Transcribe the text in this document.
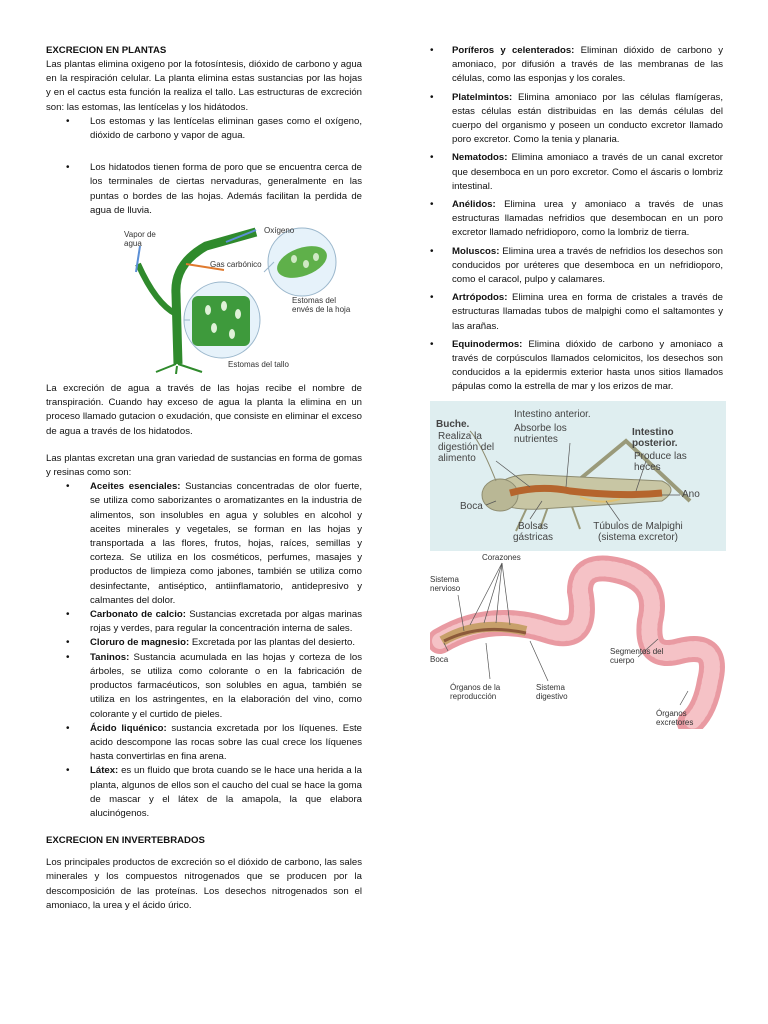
EXCRECION EN PLANTAS

Las plantas elimina oxigeno por la fotosíntesis, dióxido de carbono y agua en la respiración celular. La planta elimina estas sustancias por las hojas y en el cactus esta función la realiza el tallo. Las estructuras de excreción son: las estomas, las lentícelas y los hidátodos.

• Los estomas y las lentícelas eliminan gases como el oxígeno, dióxido de carbono y vapor de agua.
• Los hidatodos tienen forma de poro que se encuentra cerca de los terminales de ciertas nervaduras, generalmente en las puntas o bordes de las hojas. Además facilitan la perdida de agua de lluvia.
Vapor de agua
Oxígeno
Gas carbónico
Estomas del envés de la hoja
Estomas del tallo

La excreción de agua a través de las hojas recibe el nombre de transpiración. Cuando hay exceso de agua la planta la elimina en un proceso llamado gutacion o exudación, que consiste en eliminar el exceso de agua a través de los hidatodos.

Las plantas excretan una gran variedad de sustancias en forma de gomas y resinas como son:

• Aceites esenciales: Sustancias concentradas de olor fuerte, se utiliza como saborizantes o aromatizantes en la industria de alimentos, son insolubles en agua y solubles en alcohol y aceites minerales y vegetales, se forman en las hojas y transportada a las flores, frutos, hojas, raíces, semillas y corteza. Se utiliza en los cosméticos, perfumes, masajes y productos de limpieza como jabones, también se utiliza como desinfectante, antiséptico, antiinflamatorio, antidepresivo y calmantes del dolor.
• Carbonato de calcio: Sustancias excretada por algas marinas rojas y verdes, para regular la concentración interna de sales.
• Cloruro de magnesio: Excretada por las plantas del desierto.
• Taninos: Sustancia acumulada en las hojas y corteza de los árboles, se utiliza como colorante o en la fabricación de productos farmacéuticos, son solubles en agua, también se utiliza en los astringentes, en la elaboración del vino, como colorante y el curtido de pieles.
• Ácido liquénico: sustancia excretada por los líquenes. Este acido descompone las rocas sobre las cual crece los líquenes hasta convertirlas en fina arena.
• Látex: es un fluido que brota cuando se le hace una herida a la planta, algunos de ellos son el caucho del cual se hace la goma de mascar y el látex de la amapola, la que elabora alucinógenos.
EXCRECION EN INVERTEBRADOS

Los principales productos de excreción so el dióxido de carbono, las sales minerales y los compuestos nitrogenados que se producen por la descomposición de las proteínas. Los desechos nitrogenados son el amoniaco, la urea y el ácido úrico.

• Poríferos y celenterados: Eliminan dióxido de carbono y amoniaco, por difusión a través de las membranas de las células, como las esponjas y los corales.
• Platelmintos: Elimina amoniaco por las células flamígeras, estas células están distribuidas en las demás células del cuerpo del organismo y poseen un conducto excretor llamado poro excretor. Como la tenia y planaria.
• Nematodos: Elimina amoniaco a través de un canal excretor que desemboca en un poro excretor. Como el áscaris o lombriz intestinal.
• Anélidos: Elimina urea y amoniaco a través de unas estructuras llamadas nefridios que desembocan en un poro excretor llamado nefridioporo, como la lombriz de tierra.
• Moluscos: Elimina urea a través de nefridios los desechos son conducidos por uréteres que desemboca en un nefridioporo, como el caracol, pulpo y calamares.
• Artrópodos: Elimina urea en forma de cristales a través de estructuras llamadas tubos de malpighi como el saltamontes y las arañas.
• Equinodermos: Elimina dióxido de carbono y amoniaco a través de corpúsculos llamados celomicitos, los desechos son conducidos a la epidermis exterior hasta unos sitios llamados pápulas como la estrella de mar y los erizos de mar.
Buche.
Realiza la digestión del alimento
Intestino anterior.
Absorbe los nutrientes
Intestino posterior.
Produce las heces
Ano
Boca
Bolsas gástricas
Túbulos de Malpighi (sistema excretor)
Corazones
Sistema nervioso
Boca
Órganos de la reproducción
Sistema digestivo
Segmentos del cuerpo
Órganos excretores
